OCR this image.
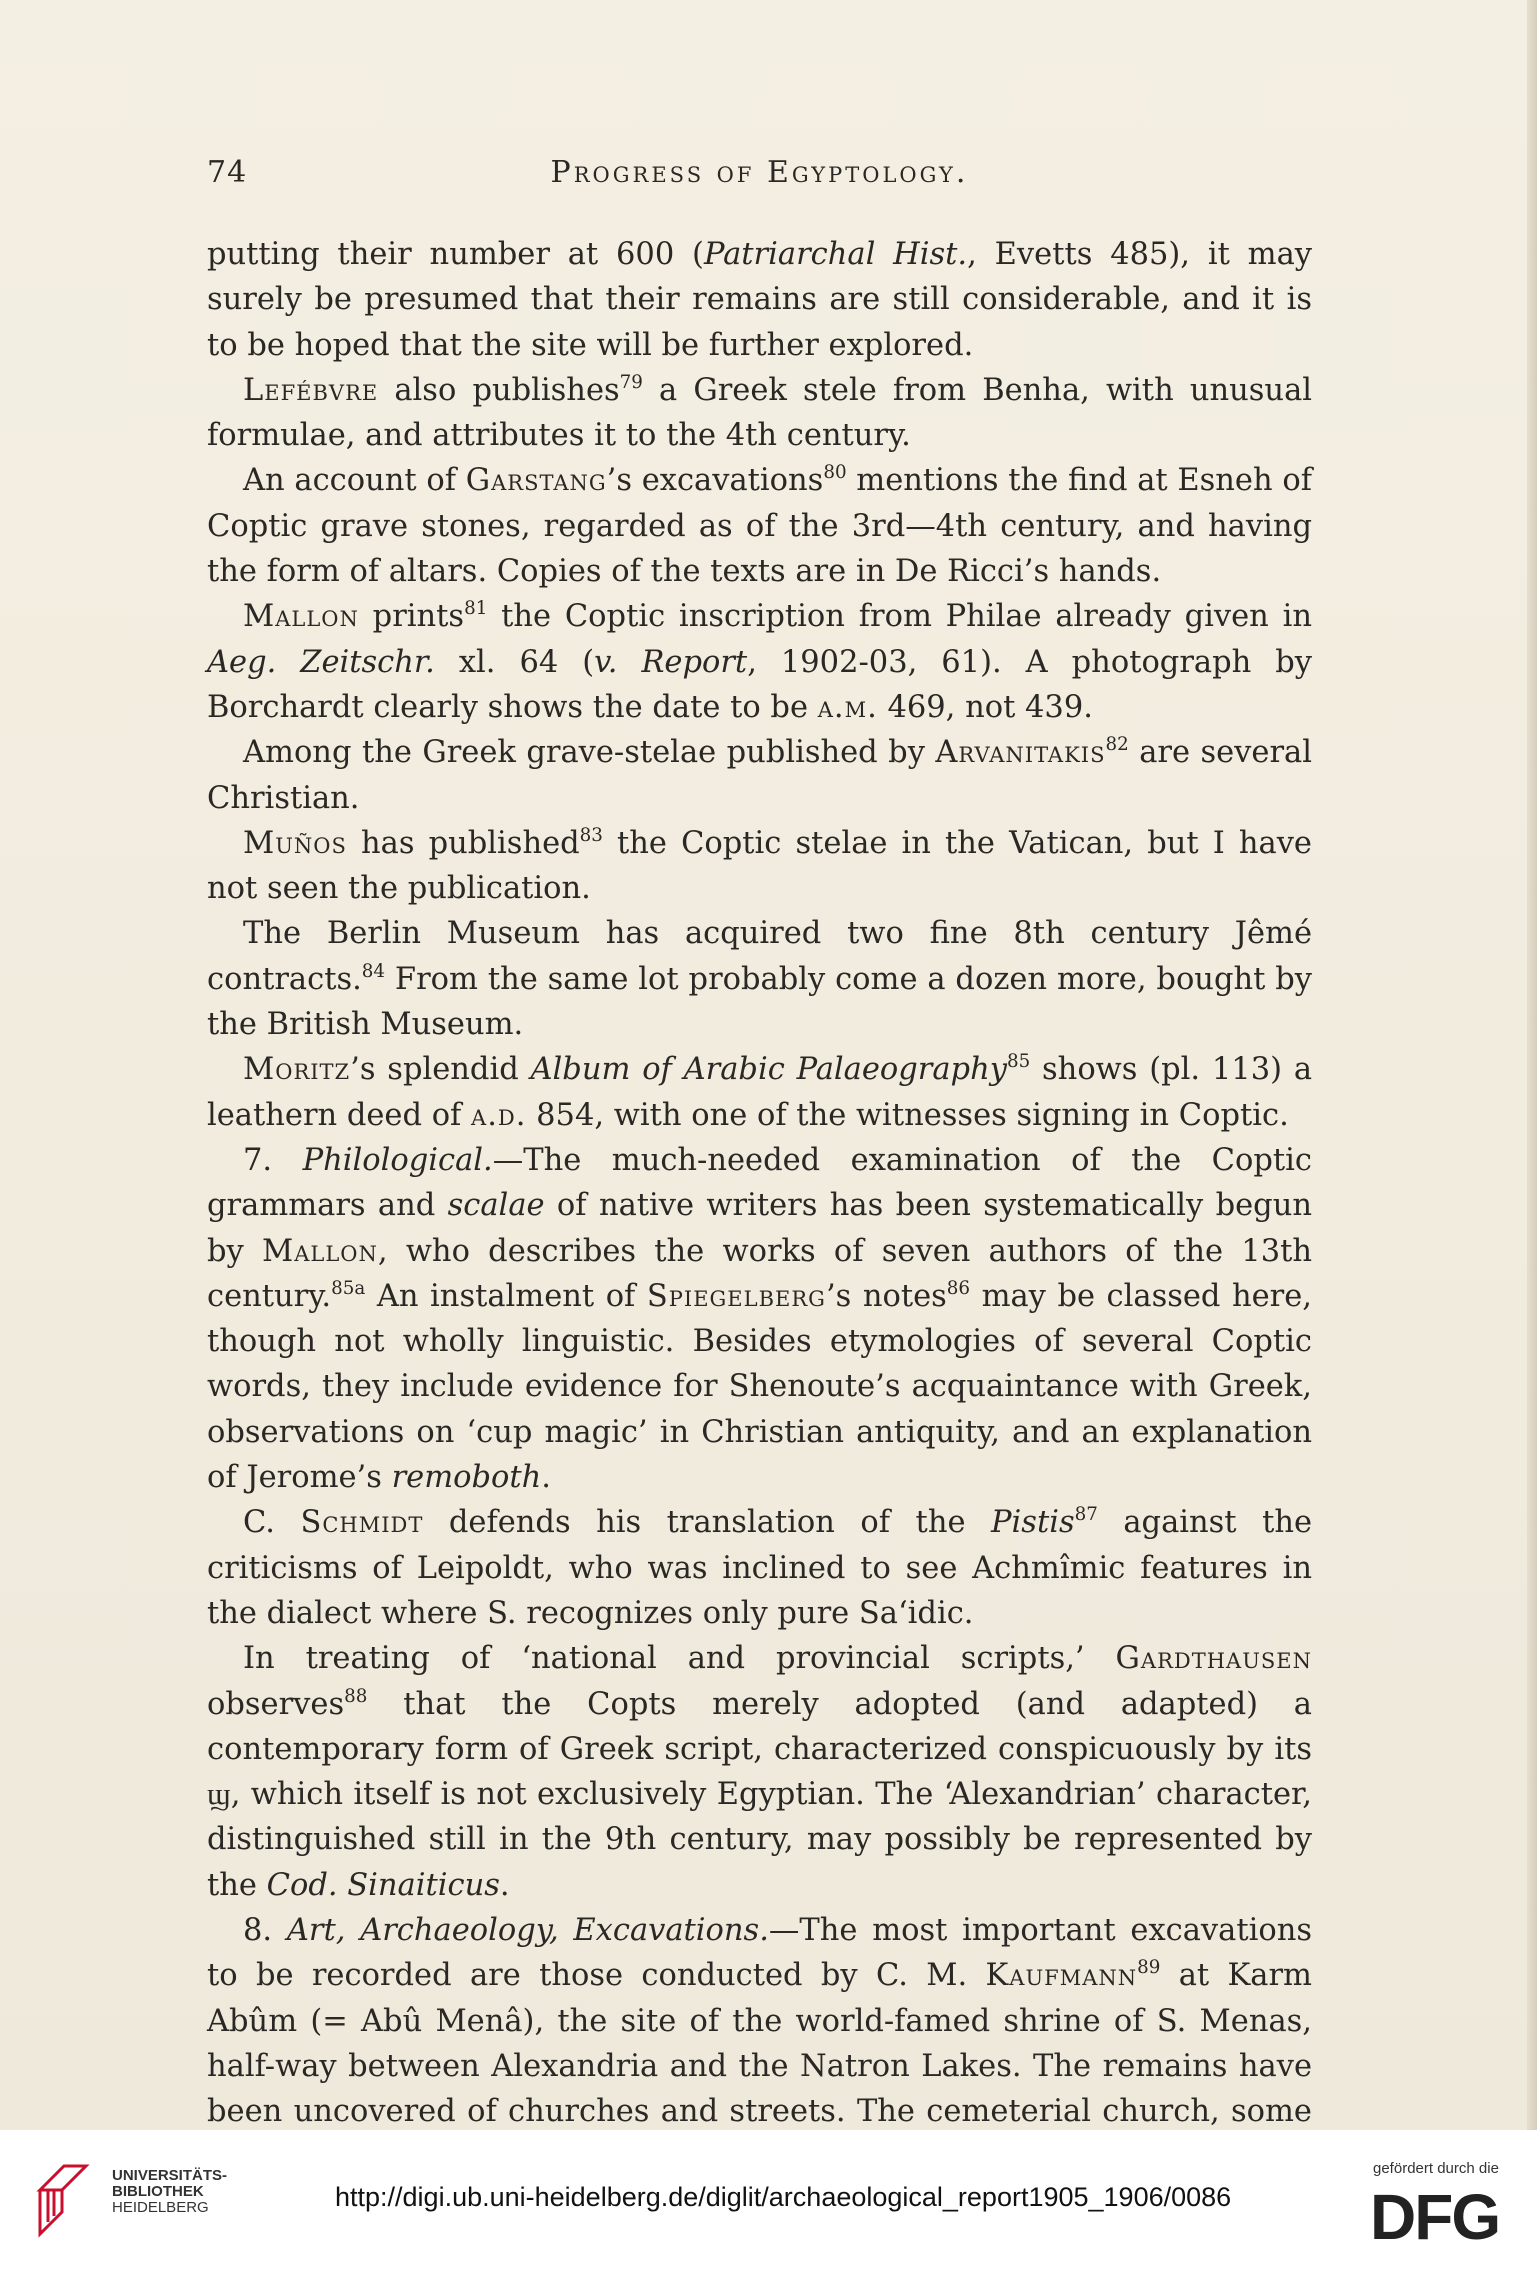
74	Progress of Egyptology.

putting their number at 600 (Patriarchal Hist., Evetts 485), it may surely be presumed that their remains are still considerable, and it is to be hoped that the site will be further explored.

Lefébvre also publishes$^{79}$ a Greek stele from Benha, with unusual formulae, and attributes it to the 4th century.

An account of Garstang’s excavations$^{80}$ mentions the find at Esneh of Coptic grave stones, regarded as of the 3rd—4th century, and having the form of altars. Copies of the texts are in De Ricci’s hands.

Mallon prints$^{81}$ the Coptic inscription from Philae already given in Aeg. Zeitschr. xl. 64 (v. Report, 1902-03, 61). A photograph by Borchardt clearly shows the date to be a.m. 469, not 439.

Among the Greek grave-stelae published by Arvanitakis$^{82}$ are several Christian.

Muños has published$^{83}$ the Coptic stelae in the Vatican, but I have not seen the publication.

The Berlin Museum has acquired two fine 8th century Jêmé contracts.$^{84}$ From the same lot probably come a dozen more, bought by the British Museum.

Moritz’s splendid Album of Arabic Palaeography$^{85}$ shows (pl. 113) a leathern deed of a.d. 854, with one of the witnesses signing in Coptic.

7. Philological.—The much-needed examination of the Coptic grammars and scalae of native writers has been systematically begun by Mallon, who describes the works of seven authors of the 13th century.$^{85a}$ An instalment of Spiegelberg’s notes$^{86}$ may be classed here, though not wholly linguistic. Besides etymologies of several Coptic words, they include evidence for Shenoute’s acquaintance with Greek, observations on ‘cup magic’ in Christian antiquity, and an explanation of Jerome’s remoboth.

C. Schmidt defends his translation of the Pistis$^{87}$ against the criticisms of Leipoldt, who was inclined to see Achmîmic features in the dialect where S. recognizes only pure Sa‘idic.

In treating of ‘national and provincial scripts,’ Gardthausen observes$^{88}$ that the Copts merely adopted (and adapted) a contemporary form of Greek script, characterized conspicuously by its ϣ, which itself is not exclusively Egyptian. The ‘Alexandrian’ character, distinguished still in the 9th century, may possibly be represented by the Cod. Sinaiticus.

8. Art, Archaeology, Excavations.—The most important excavations to be recorded are those conducted by C. M. Kaufmann$^{89}$ at Karm Abûm (= Abû Menâ), the site of the world-famed shrine of S. Menas, half-way between Alexandria and the Natron Lakes. The remains have been uncovered of churches and streets. The cemeterial church, some

UNIVERSITÄTS-
BIBLIOTHEK
HEIDELBERG	http://digi.ub.uni-heidelberg.de/diglit/archaeological_report1905_1906/0086
gefördert durch die
DFG
